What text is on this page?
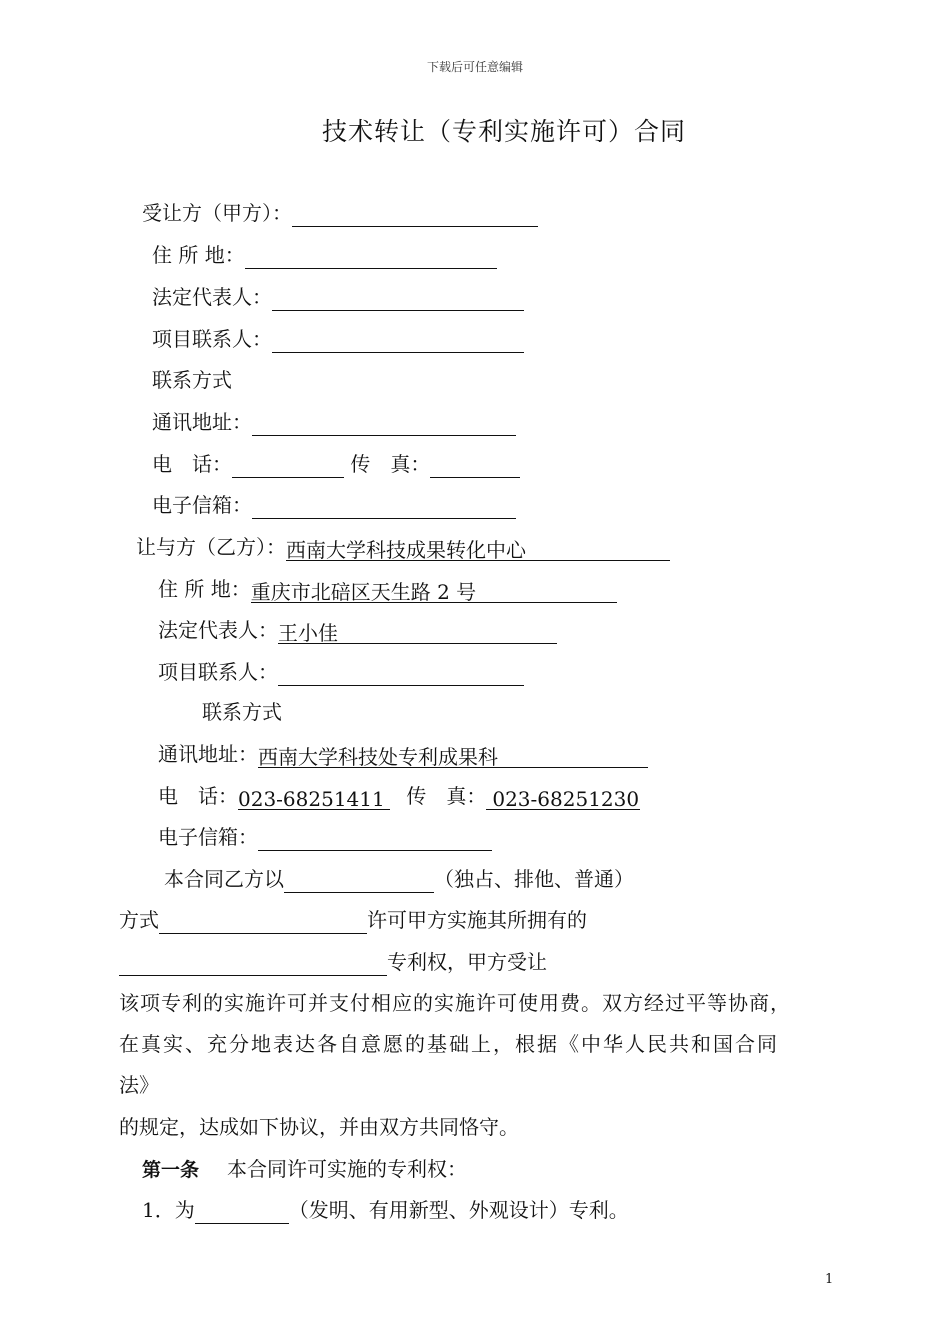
下载后可任意编辑
技术转让（专利实施许可）合同
受让方（甲方）：
住 所 地：
法定代表人：
项目联系人：
联系方式
通讯地址：
电　话：	传　真：
电子信箱：
让与方（乙方）：西南大学科技成果转化中心
住 所 地：重庆市北碚区天生路 2 号
法定代表人：王小佳
项目联系人：
联系方式
通讯地址：西南大学科技处专利成果科
电　话：023-68251411 传　真： 023-68251230
电子信箱：
本合同乙方以	（独占、排他、普通）
方式	许可甲方实施其所拥有的
专利权，甲方受让
该项专利的实施许可并支付相应的实施许可使用费。双方经过平等协商，
在真实、充分地表达各自意愿的基础上，根据《中华人民共和国合同
法》
的规定，达成如下协议，并由双方共同恪守。
第一条 本合同许可实施的专利权：
1．为	（发明、有用新型、外观设计）专利。
1
